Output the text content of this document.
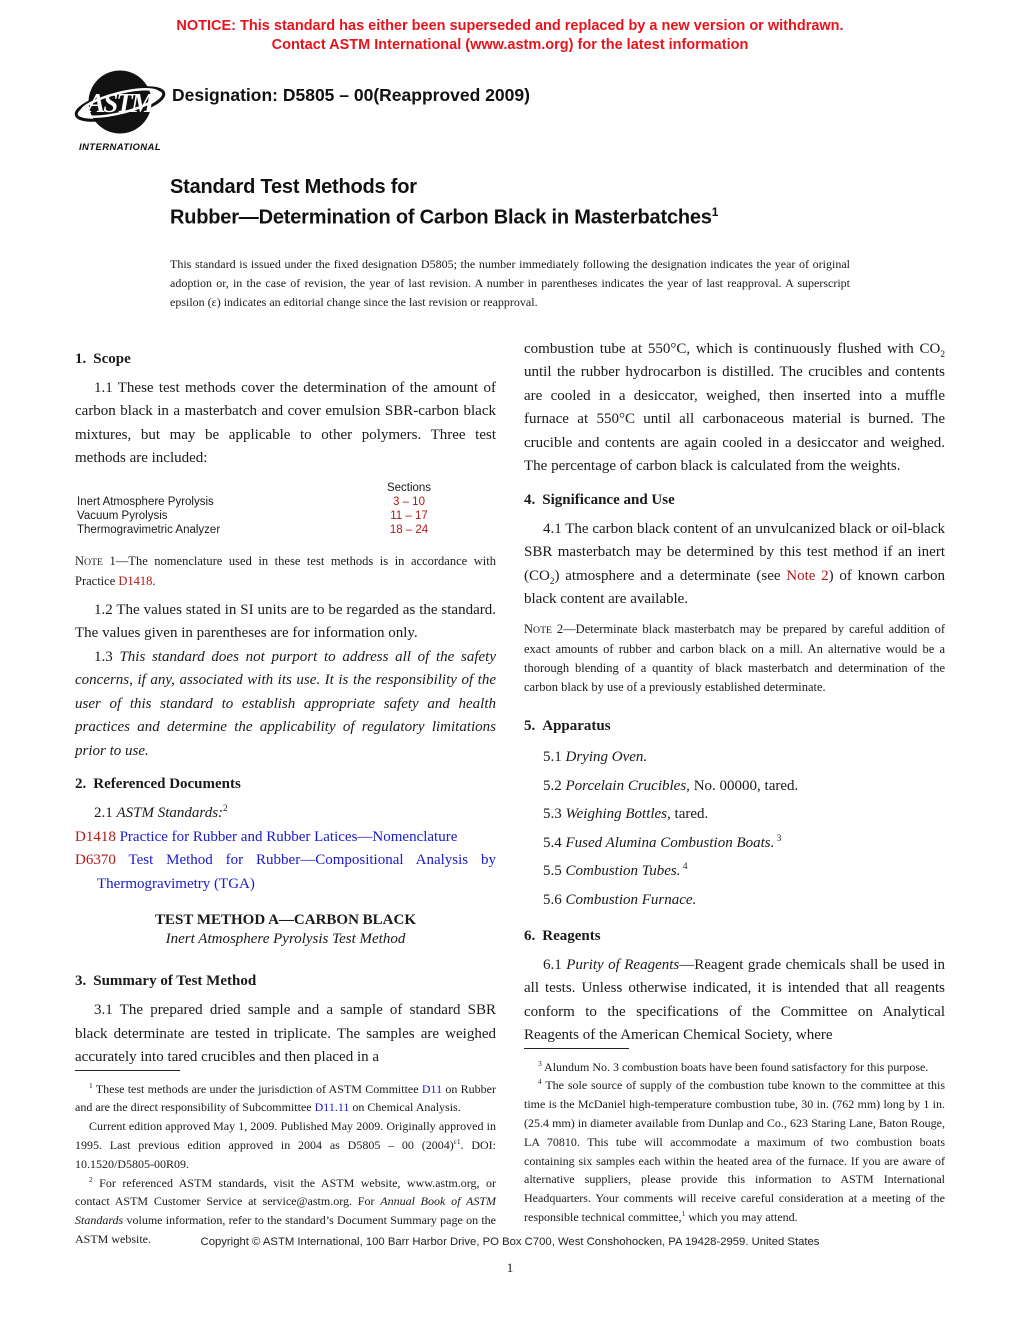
NOTICE: This standard has either been superseded and replaced by a new version or withdrawn.
Contact ASTM International (www.astm.org) for the latest information
ASTM
INTERNATIONAL
Designation: D5805 – 00(Reapproved 2009)
Standard Test Methods for
Rubber—Determination of Carbon Black in Masterbatches$^1$
This standard is issued under the fixed designation D5805; the number immediately following the designation indicates the year of original adoption or, in the case of revision, the year of last revision. A number in parentheses indicates the year of last reapproval. A superscript epsilon (ε) indicates an editorial change since the last revision or reapproval.
1. Scope

1.1 These test methods cover the determination of the amount of carbon black in a masterbatch and cover emulsion SBR-carbon black mixtures, but may be applicable to other polymers. Three test methods are included:

Sections
Inert Atmosphere Pyrolysis	3 – 10
Vacuum Pyrolysis	11 – 17
Thermogravimetric Analyzer	18 – 24

NOTE 1—The nomenclature used in these test methods is in accordance with Practice D1418.

1.2 The values stated in SI units are to be regarded as the standard. The values given in parentheses are for information only.

1.3 This standard does not purport to address all of the safety concerns, if any, associated with its use. It is the responsibility of the user of this standard to establish appropriate safety and health practices and determine the applicability of regulatory limitations prior to use.

2. Referenced Documents

2.1 ASTM Standards:$^2$

D1418 Practice for Rubber and Rubber Latices—Nomenclature

D6370 Test Method for Rubber—Compositional Analysis by Thermogravimetry (TGA)

TEST METHOD A—CARBON BLACK
Inert Atmosphere Pyrolysis Test Method
3. Summary of Test Method

3.1 The prepared dried sample and a sample of standard SBR black determinate are tested in triplicate. The samples are weighed accurately into tared crucibles and then placed in a

$^1$ These test methods are under the jurisdiction of ASTM Committee D11 on Rubber and are the direct responsibility of Subcommittee D11.11 on Chemical Analysis.

Current edition approved May 1, 2009. Published May 2009. Originally approved in 1995. Last previous edition approved in 2004 as D5805 – 00 $(2004)^{\varepsilon 1}$. DOI: 10.1520/D5805-00R09.

$^2$ For referenced ASTM standards, visit the ASTM website, www.astm.org, or contact ASTM Customer Service at service@astm.org. For Annual Book of ASTM Standards volume information, refer to the standard’s Document Summary page on the ASTM website.

combustion tube at 550°C, which is continuously flushed with $CO_2$ until the rubber hydrocarbon is distilled. The crucibles and contents are cooled in a desiccator, weighed, then inserted into a muffle furnace at 550°C until all carbonaceous material is burned. The crucible and contents are again cooled in a desiccator and weighed. The percentage of carbon black is calculated from the weights.

4. Significance and Use

4.1 The carbon black content of an unvulcanized black or oil-black SBR masterbatch may be determined by this test method if an inert $(CO_2)$ atmosphere and a determinate (see Note 2) of known carbon black content are available.

NOTE 2—Determinate black masterbatch may be prepared by careful addition of exact amounts of rubber and carbon black on a mill. An alternative would be a thorough blending of a quantity of black masterbatch and determination of the carbon black by use of a previously established determinate.

5. Apparatus

5.1 Drying Oven.

5.2 Porcelain Crucibles, No. 00000, tared.

5.3 Weighing Bottles, tared.

5.4 Fused Alumina Combustion Boats. $^3$

5.5 Combustion Tubes. $^4$

5.6 Combustion Furnace.

6. Reagents

6.1 Purity of Reagents—Reagent grade chemicals shall be used in all tests. Unless otherwise indicated, it is intended that all reagents conform to the specifications of the Committee on Analytical Reagents of the American Chemical Society, where

$^3$ Alundum No. 3 combustion boats have been found satisfactory for this purpose.

$^4$ The sole source of supply of the combustion tube known to the committee at this time is the McDaniel high-temperature combustion tube, 30 in. (762 mm) long by 1 in. (25.4 mm) in diameter available from Dunlap and Co., 623 Staring Lane, Baton Rouge, LA 70810. This tube will accommodate a maximum of two combustion boats containing six samples each within the heated area of the furnace. If you are aware of alternative suppliers, please provide this information to ASTM International Headquarters. Your comments will receive careful consideration at a meeting of the responsible technical committee,$^1$ which you may attend.

Copyright © ASTM International, 100 Barr Harbor Drive, PO Box C700, West Conshohocken, PA 19428-2959. United States
1
